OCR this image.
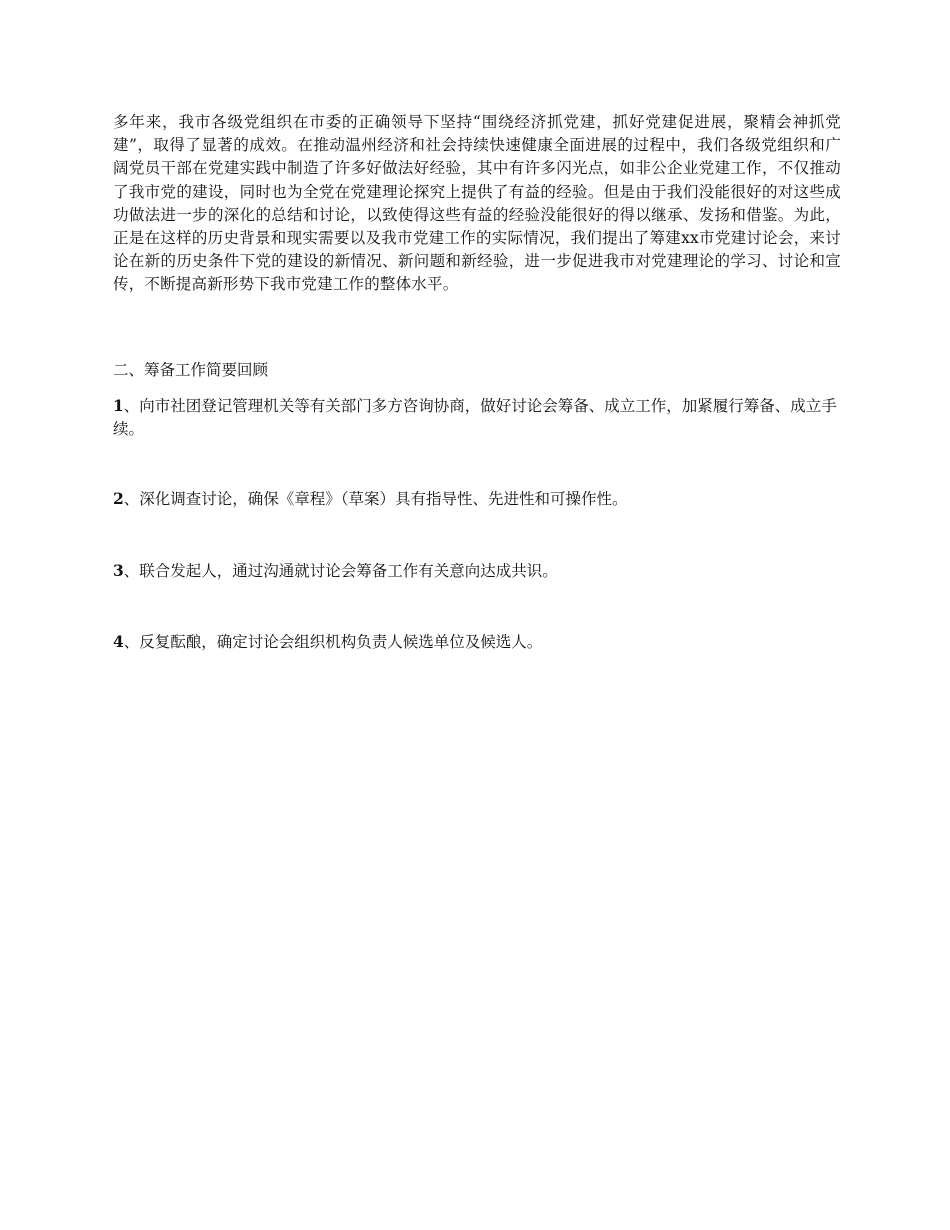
多年来，我市各级党组织在市委的正确领导下坚持“围绕经济抓党建，抓好党建促进展，聚精会神抓党建”，取得了显著的成效。在推动温州经济和社会持续快速健康全面进展的过程中，我们各级党组织和广阔党员干部在党建实践中制造了许多好做法好经验，其中有许多闪光点，如非公企业党建工作，不仅推动了我市党的建设，同时也为全党在党建理论探究上提供了有益的经验。但是由于我们没能很好的对这些成功做法进一步的深化的总结和讨论，以致使得这些有益的经验没能很好的得以继承、发扬和借鉴。为此，正是在这样的历史背景和现实需要以及我市党建工作的实际情况，我们提出了筹建xx市党建讨论会，来讨论在新的历史条件下党的建设的新情况、新问题和新经验，进一步促进我市对党建理论的学习、讨论和宣传，不断提高新形势下我市党建工作的整体水平。

二、筹备工作简要回顾

1、向市社团登记管理机关等有关部门多方咨询协商，做好讨论会筹备、成立工作，加紧履行筹备、成立手续。

2、深化调查讨论，确保《章程》（草案）具有指导性、先进性和可操作性。

3、联合发起人，通过沟通就讨论会筹备工作有关意向达成共识。

4、反复酝酿，确定讨论会组织机构负责人候选单位及候选人。
